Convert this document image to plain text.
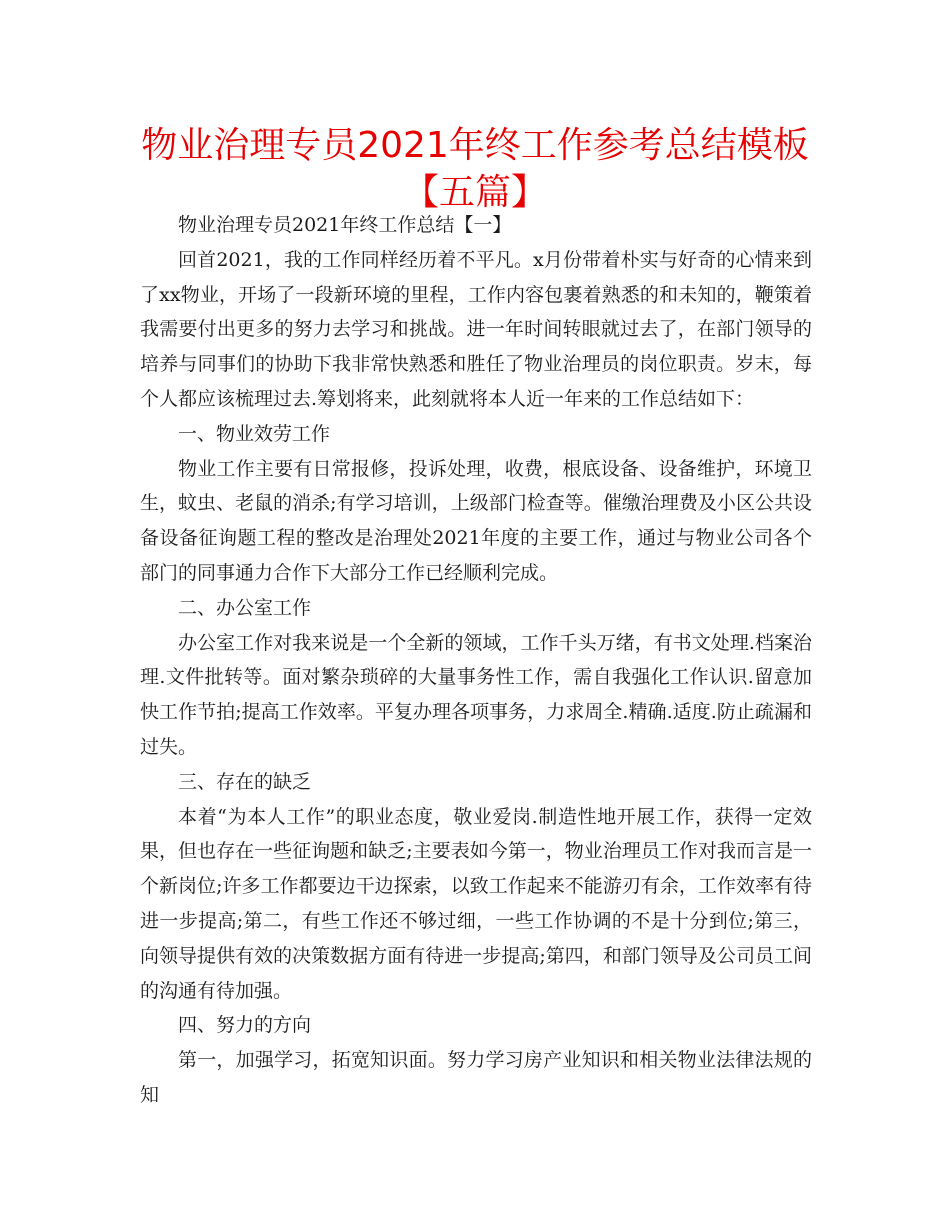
物业治理专员2021年终工作参考总结模板【五篇】

物业治理专员2021年终工作总结【一】

回首2021，我的工作同样经历着不平凡。x月份带着朴实与好奇的心情来到了xx物业，开场了一段新环境的里程，工作内容包裹着熟悉的和未知的，鞭策着我需要付出更多的努力去学习和挑战。进一年时间转眼就过去了，在部门领导的培养与同事们的协助下我非常快熟悉和胜任了物业治理员的岗位职责。岁末，每个人都应该梳理过去.筹划将来，此刻就将本人近一年来的工作总结如下：

一、物业效劳工作

物业工作主要有日常报修，投诉处理，收费，根底设备、设备维护，环境卫生，蚊虫、老鼠的消杀;有学习培训，上级部门检查等。催缴治理费及小区公共设备设备征询题工程的整改是治理处2021年度的主要工作，通过与物业公司各个部门的同事通力合作下大部分工作已经顺利完成。

二、办公室工作

办公室工作对我来说是一个全新的领域，工作千头万绪，有书文处理.档案治理.文件批转等。面对繁杂琐碎的大量事务性工作，需自我强化工作认识.留意加快工作节拍;提高工作效率。平复办理各项事务，力求周全.精确.适度.防止疏漏和过失。

三、存在的缺乏

本着“为本人工作”的职业态度，敬业爱岗.制造性地开展工作，获得一定效果，但也存在一些征询题和缺乏;主要表如今第一，物业治理员工作对我而言是一个新岗位;许多工作都要边干边探索，以致工作起来不能游刃有余，工作效率有待进一步提高;第二，有些工作还不够过细，一些工作协调的不是十分到位;第三，向领导提供有效的决策数据方面有待进一步提高;第四，和部门领导及公司员工间的沟通有待加强。

四、努力的方向

第一，加强学习，拓宽知识面。努力学习房产业知识和相关物业法律法规的知
